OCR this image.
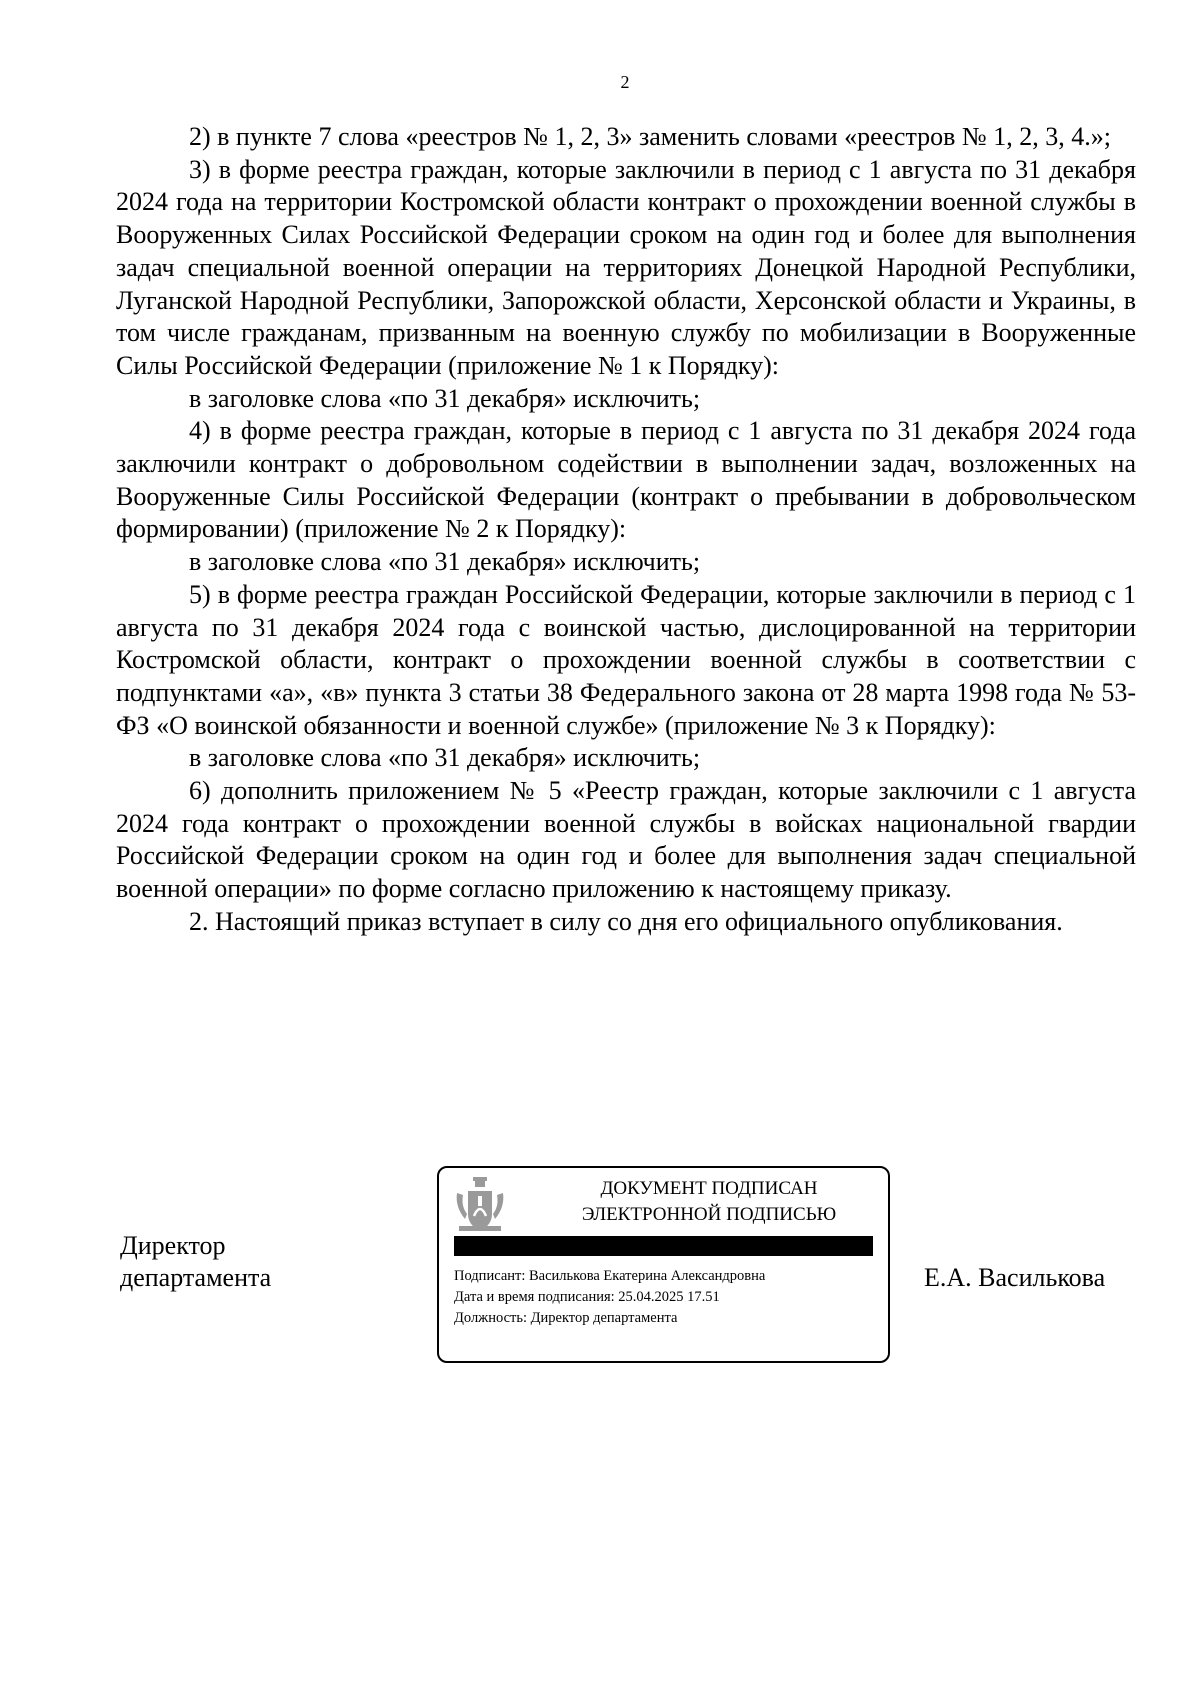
2

2) в пункте 7 слова «реестров № 1, 2, 3» заменить словами «реестров № 1, 2, 3, 4.»;

3) в форме реестра граждан, которые заключили в период с 1 августа по 31 декабря 2024 года на территории Костромской области контракт о прохождении военной службы в Вооруженных Силах Российской Федерации сроком на один год и более для выполнения задач специальной военной операции на территориях Донецкой Народной Республики, Луганской Народной Республики, Запорожской области, Херсонской области и Украины, в том числе гражданам, призванным на военную службу по мобилизации в Вооруженные Силы Российской Федерации (приложение № 1 к Порядку):

в заголовке слова «по 31 декабря» исключить;

4) в форме реестра граждан, которые в период с 1 августа по 31 декабря 2024 года заключили контракт о добровольном содействии в выполнении задач, возложенных на Вооруженные Силы Российской Федерации (контракт о пребывании в добровольческом формировании) (приложение № 2 к Порядку):

в заголовке слова «по 31 декабря» исключить;

5) в форме реестра граждан Российской Федерации, которые заключили в период с 1 августа по 31 декабря 2024 года с воинской частью, дислоцированной на территории Костромской области, контракт о прохождении военной службы в соответствии с подпунктами «а», «в» пункта 3 статьи 38 Федерального закона от 28 марта 1998 года № 53-ФЗ «О воинской обязанности и военной службе» (приложение № 3 к Порядку):

в заголовке слова «по 31 декабря» исключить;

6) дополнить приложением № 5 «Реестр граждан, которые заключили с 1 августа 2024 года контракт о прохождении военной службы в войсках национальной гвардии Российской Федерации сроком на один год и более для выполнения задач специальной военной операции» по форме согласно приложению к настоящему приказу.

2. Настоящий приказ вступает в силу со дня его официального опубликования.

Директор
департамента
ДОКУМЕНТ ПОДПИСАН
ЭЛЕКТРОННОЙ ПОДПИСЬЮ
Подписант: Василькова Екатерина Александровна
Дата и время подписания: 25.04.2025 17.51
Должность: Директор департамента
Е.А. Василькова
